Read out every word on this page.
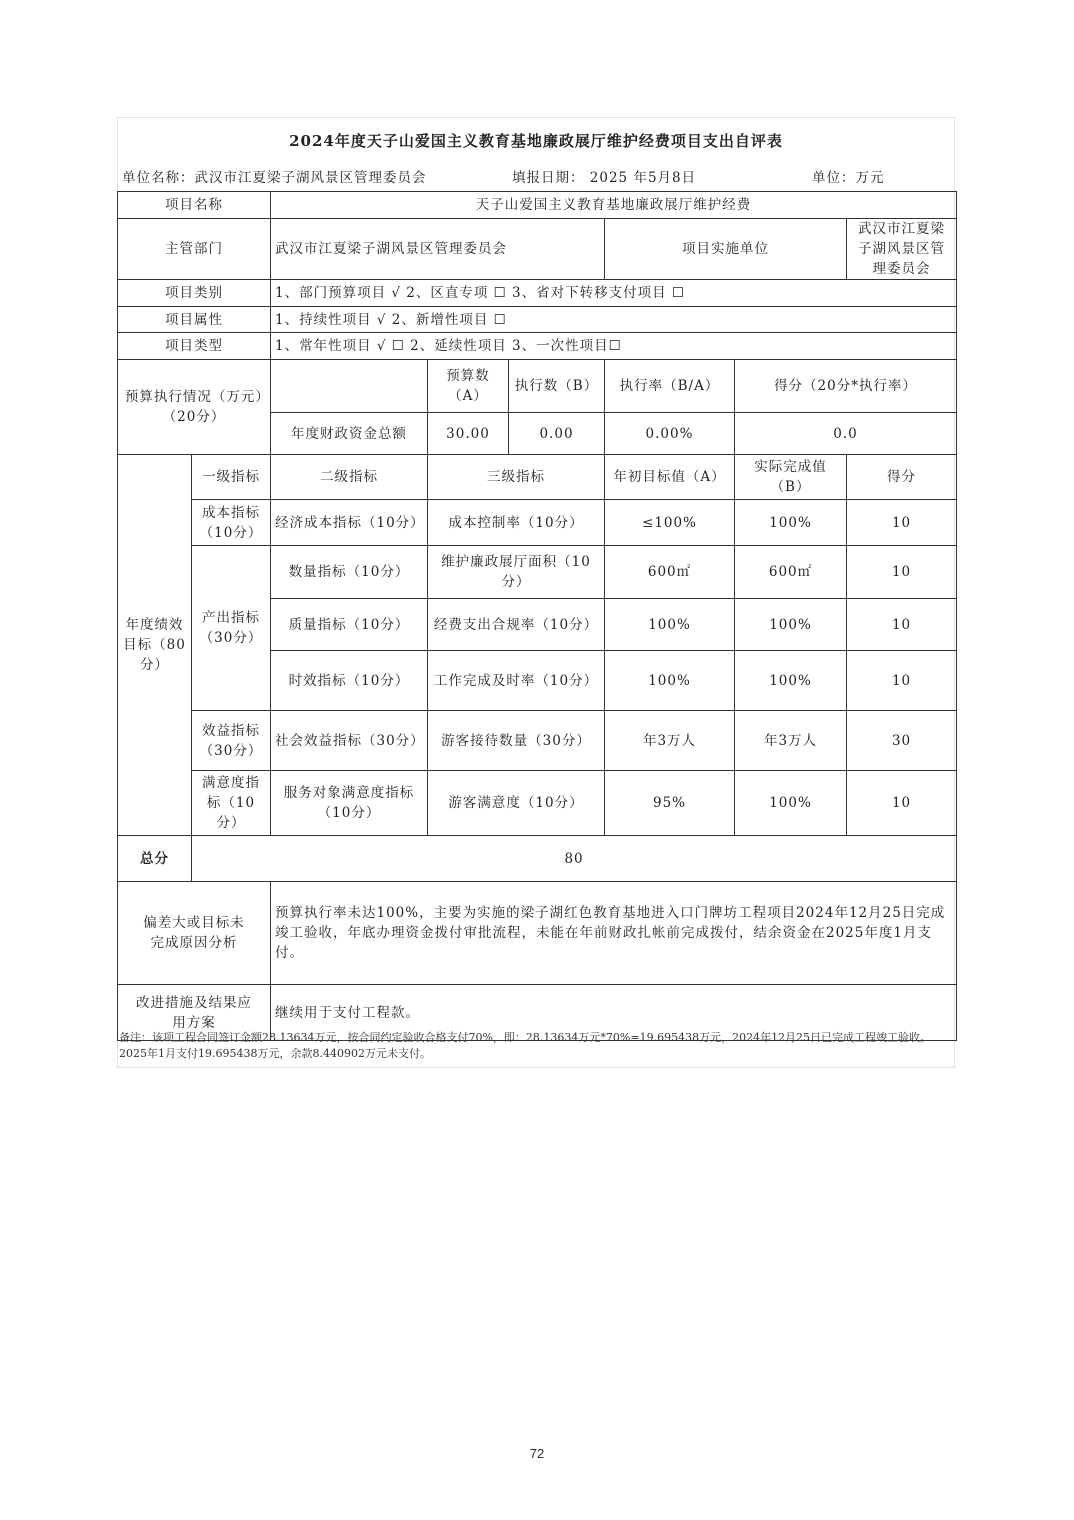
2024年度天子山爱国主义教育基地廉政展厅维护经费项目支出自评表
单位名称：武汉市江夏梁子湖风景区管理委员会	填报日期： 2025 年5月8日	单位：万元
项目名称		天子山爱国主义教育基地廉政展厅维护经费					
主管部门		武汉市江夏梁子湖风景区管理委员会			项目实施单位		武汉市江夏梁子湖风景区管理委员会
项目类别		1、部门预算项目 √ 2、区直专项 ☐ 3、省对下转移支付项目 ☐					
项目属性		1、持续性项目 √ 2、新增性项目 ☐					
项目类型		1、常年性项目 √ ☐ 2、延续性项目 3、一次性项目☐					
预算执行情况（万元）（20分）			预算数（A）	执行数（B）	执行率（B/A）	得分（20分*执行率）	
		年度财政资金总额	30.00	0.00	0.00%	0.0	
年度绩效目标（80分）	一级指标	二级指标	三级指标		年初目标值（A）	实际完成值（B）	得分
	成本指标（10分）	经济成本指标（10分）	成本控制率（10分）		≤100%	100%	10
	产出指标（30分）	数量指标（10分）	维护廉政展厅面积（10分）		600㎡	600㎡	10
		质量指标（10分）	经费支出合规率（10分）		100%	100%	10
		时效指标（10分）	工作完成及时率（10分）		100%	100%	10
	效益指标（30分）	社会效益指标（30分）	游客接待数量（30分）		年3万人	年3万人	30
	满意度指标（10分）	服务对象满意度指标（10分）	游客满意度（10分）		95%	100%	10
总分	80						
偏差大或目标未完成原因分析		预算执行率未达100%，主要为实施的梁子湖红色教育基地进入口门牌坊工程项目2024年12月25日完成竣工验收，年底办理资金拨付审批流程，未能在年前财政扎帐前完成拨付，结余资金在2025年度1月支付。					
改进措施及结果应用方案		继续用于支付工程款。					
备注：该项工程合同签订金额28.13634万元，按合同约定验收合格支付70%，即：28.13634万元*70%=19.695438万元，2024年12月25日已完成工程竣工验收。2025年1月支付19.695438万元，余款8.440902万元未支付。
72
